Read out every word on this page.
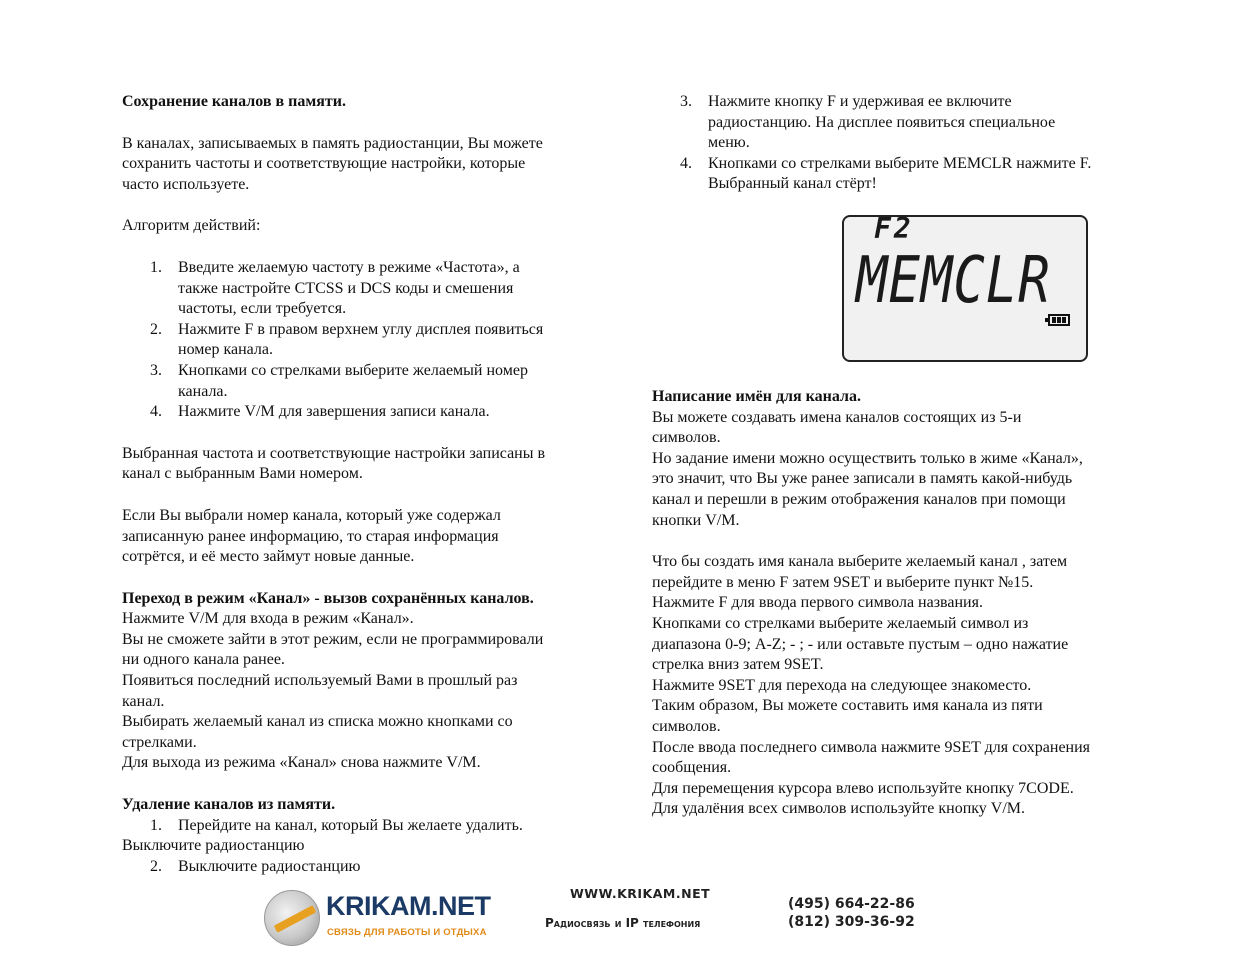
Сохранение каналов в памяти.

В каналах, записываемых в память радиостанции, Вы можете

сохранить частоты и соответствующие настройки, которые

часто используете.

Алгоритм действий:

1. Введите желаемую частоту в режиме «Частота», а

также настройте CTCSS и DCS коды и смешения

частоты, если требуется.

2. Нажмите F в правом верхнем углу дисплея появиться

номер канала.

3. Кнопками со стрелками выберите желаемый номер

канала.

4. Нажмите V/M для завершения записи канала.

Выбранная частота и соответствующие настройки записаны в

канал с выбранным Вами номером.

Если Вы выбрали номер канала, который уже содержал

записанную ранее информацию, то старая информация

сотрётся, и её место займут новые данные.

Переход в режим «Канал» - вызов сохранённых каналов.

Нажмите V/M для входа в режим «Канал».

Вы не сможете зайти в этот режим, если не программировали

ни одного канала ранее.

Появиться последний используемый Вами в прошлый раз

канал.

Выбирать желаемый канал из списка можно кнопками со

стрелками.

Для выхода из режима «Канал» снова нажмите V/M.

Удаление каналов из памяти.

1. Перейдите на канал, который Вы желаете удалить.

Выключите радиостанцию

2. Выключите радиостанцию

3. Нажмите кнопку F и удерживая ее включите

радиостанцию. На дисплее появиться специальное

меню.

4. Кнопками со стрелками выберите MEMCLR нажмите F.

Выбранный канал стёрт!

F2
MEMCLR

Написание имён для канала.

Вы можете создавать имена каналов состоящих из 5-и

символов.

Но задание имени можно осуществить только в жиме «Канал»,

это значит, что Вы уже ранее записали в память какой-нибудь

канал и перешли в режим отображения каналов при помощи

кнопки V/M.

Что бы создать имя канала выберите желаемый канал , затем

перейдите в меню F затем 9SET и выберите пункт №15.

Нажмите F для ввода первого символа названия.

Кнопками со стрелками выберите желаемый символ из

диапазона 0-9; A-Z; - ; - или оставьте пустым – одно нажатие

стрелка вниз затем 9SET.

Нажмите 9SET для перехода на следующее знакоместо.

Таким образом, Вы можете составить имя канала из пяти

символов.

После ввода последнего символа нажмите 9SET для сохранения

сообщения.

Для перемещения курсора влево используйте кнопку 7CODE.

Для удалёния всех символов используйте кнопку V/M.

KRIKAM.NET
СВЯЗЬ ДЛЯ РАБОТЫ И ОТДЫХА
WWW.KRIKAM.NET
Радиосвязь и IP телефония
(495) 664-22-86
(812) 309-36-92
